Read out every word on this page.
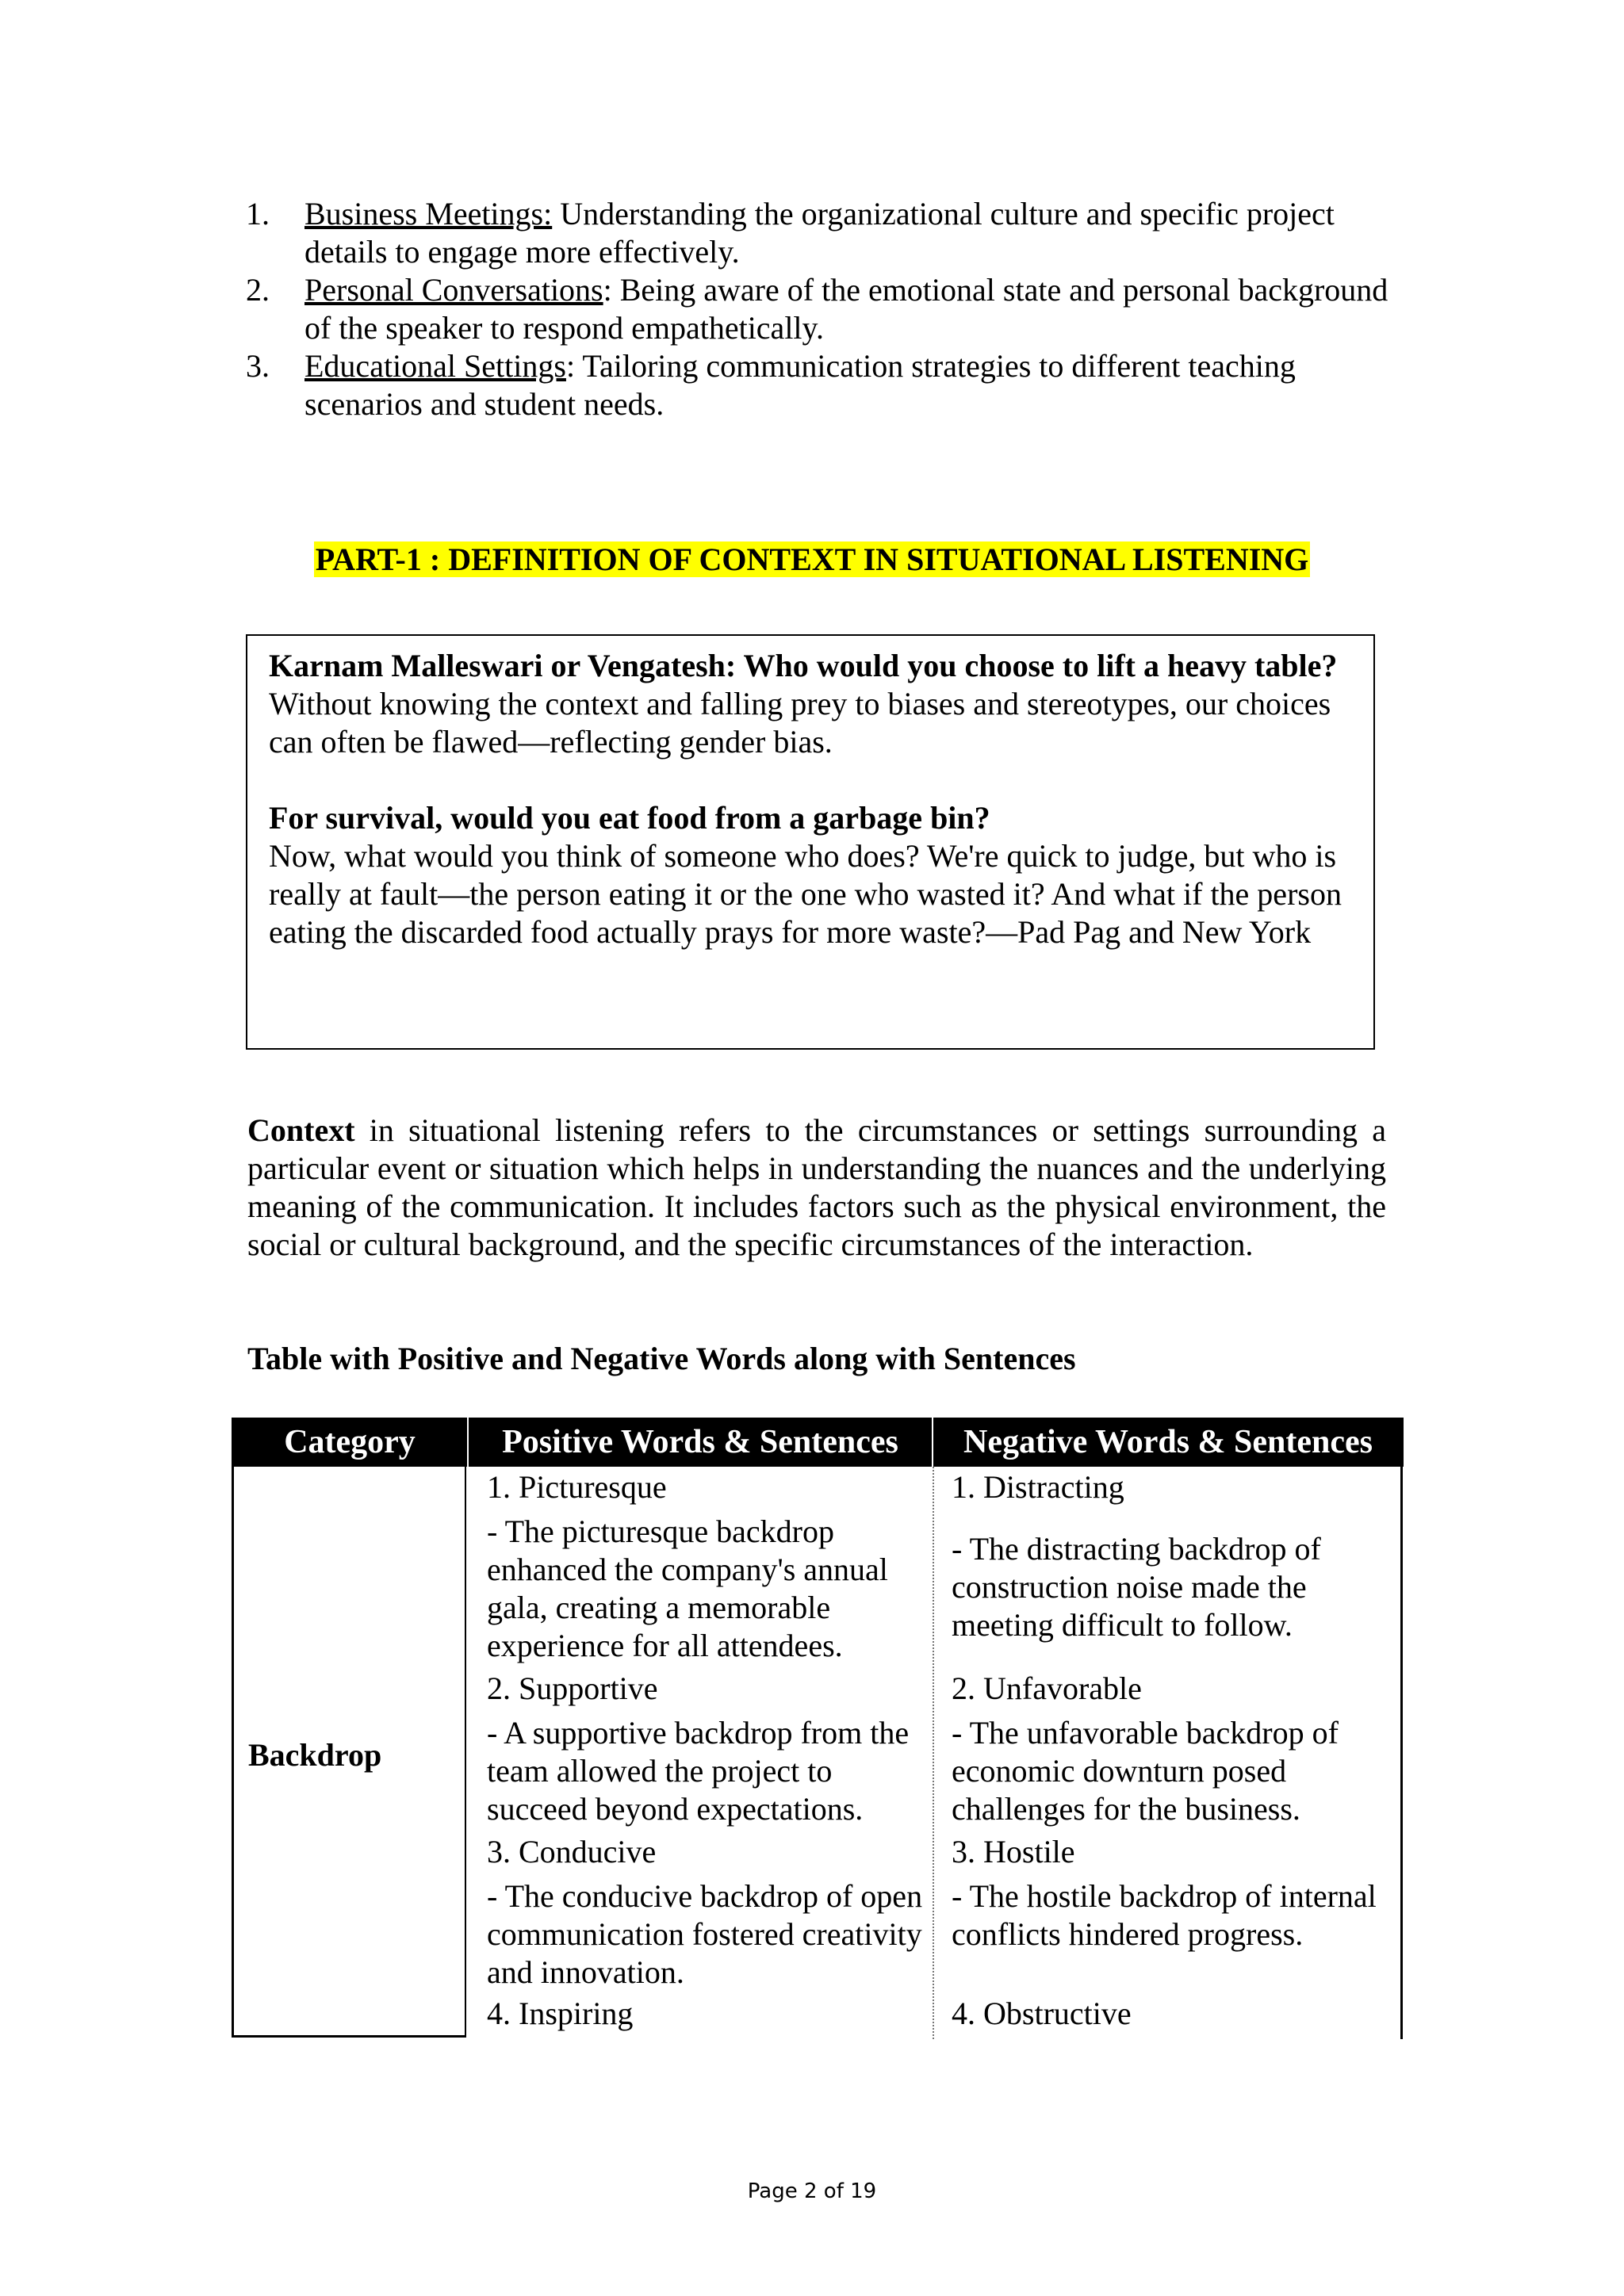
1. Business Meetings: Understanding the organizational culture and specific project details to engage more effectively.

2. Personal Conversations: Being aware of the emotional state and personal background of the speaker to respond empathetically.

3. Educational Settings: Tailoring communication strategies to different teaching scenarios and student needs.

PART-1 : DEFINITION OF CONTEXT IN SITUATIONAL LISTENING

Karnam Malleswari or Vengatesh: Who would you choose to lift a heavy table?

Without knowing the context and falling prey to biases and stereotypes, our choices can often be flawed—reflecting gender bias.

For survival, would you eat food from a garbage bin?

Now, what would you think of someone who does? We're quick to judge, but who is really at fault—the person eating it or the one who wasted it? And what if the person eating the discarded food actually prays for more waste?—Pad Pag and New York

Context in situational listening refers to the circumstances or settings surrounding a particular event or situation which helps in understanding the nuances and the underlying meaning of the communication. It includes factors such as the physical environment, the social or cultural background, and the specific circumstances of the interaction.

Table with Positive and Negative Words along with Sentences

Category	Positive Words & Sentences	Negative Words & Sentences
Backdrop
1. Picturesque
- The picturesque backdrop enhanced the company's annual gala, creating a memorable experience for all attendees.
2. Supportive
- A supportive backdrop from the team allowed the project to succeed beyond expectations.
3. Conducive
- The conducive backdrop of open communication fostered creativity and innovation.
4. Inspiring
1. Distracting
- The distracting backdrop of construction noise made the meeting difficult to follow.
2. Unfavorable
- The unfavorable backdrop of economic downturn posed challenges for the business.
3. Hostile
- The hostile backdrop of internal conflicts hindered progress.
4. Obstructive
Page 2 of 19
